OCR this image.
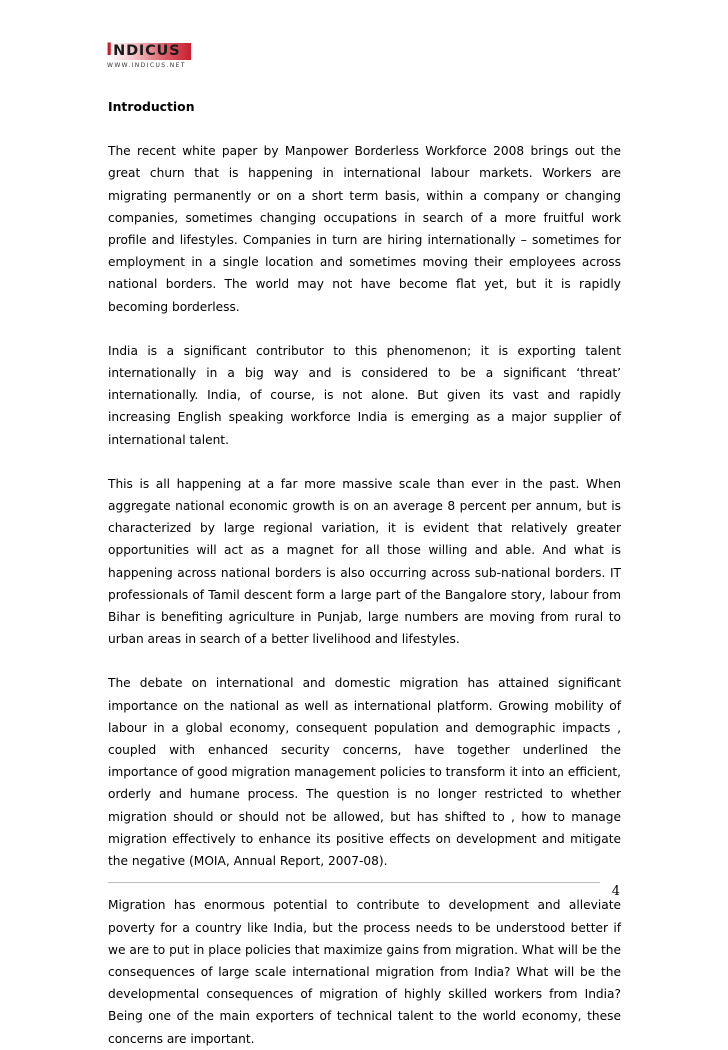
INDICUS
WWW.INDICUS.NET

Introduction

The recent white paper by Manpower Borderless Workforce 2008 brings out the great churn that is happening in international labour markets. Workers are migrating permanently or on a short term basis, within a company or changing companies, sometimes changing occupations in search of a more fruitful work profile and lifestyles. Companies in turn are hiring internationally – sometimes for employment in a single location and sometimes moving their employees across national borders. The world may not have become flat yet, but it is rapidly becoming borderless.

India is a significant contributor to this phenomenon; it is exporting talent internationally in a big way and is considered to be a significant ‘threat’ internationally. India, of course, is not alone. But given its vast and rapidly increasing English speaking workforce India is emerging as a major supplier of international talent.

This is all happening at a far more massive scale than ever in the past. When aggregate national economic growth is on an average 8 percent per annum, but is characterized by large regional variation, it is evident that relatively greater opportunities will act as a magnet for all those willing and able. And what is happening across national borders is also occurring across sub-national borders. IT professionals of Tamil descent form a large part of the Bangalore story, labour from Bihar is benefiting agriculture in Punjab, large numbers are moving from rural to urban areas in search of a better livelihood and lifestyles.

The debate on international and domestic migration has attained significant importance on the national as well as international platform. Growing mobility of labour in a global economy, consequent population and demographic impacts , coupled with enhanced security concerns, have together underlined the importance of good migration management policies to transform it into an efficient, orderly and humane process. The question is no longer restricted to whether migration should or should not be allowed, but has shifted to , how to manage migration effectively to enhance its positive effects on development and mitigate the negative (MOIA, Annual Report, 2007-08).

Migration has enormous potential to contribute to development and alleviate poverty for a country like India, but the process needs to be understood better if we are to put in place policies that maximize gains from migration. What will be the consequences of large scale international migration from India? What will be the developmental consequences of migration of highly skilled workers from India? Being one of the main exporters of technical talent to the world economy, these concerns are important.

4
